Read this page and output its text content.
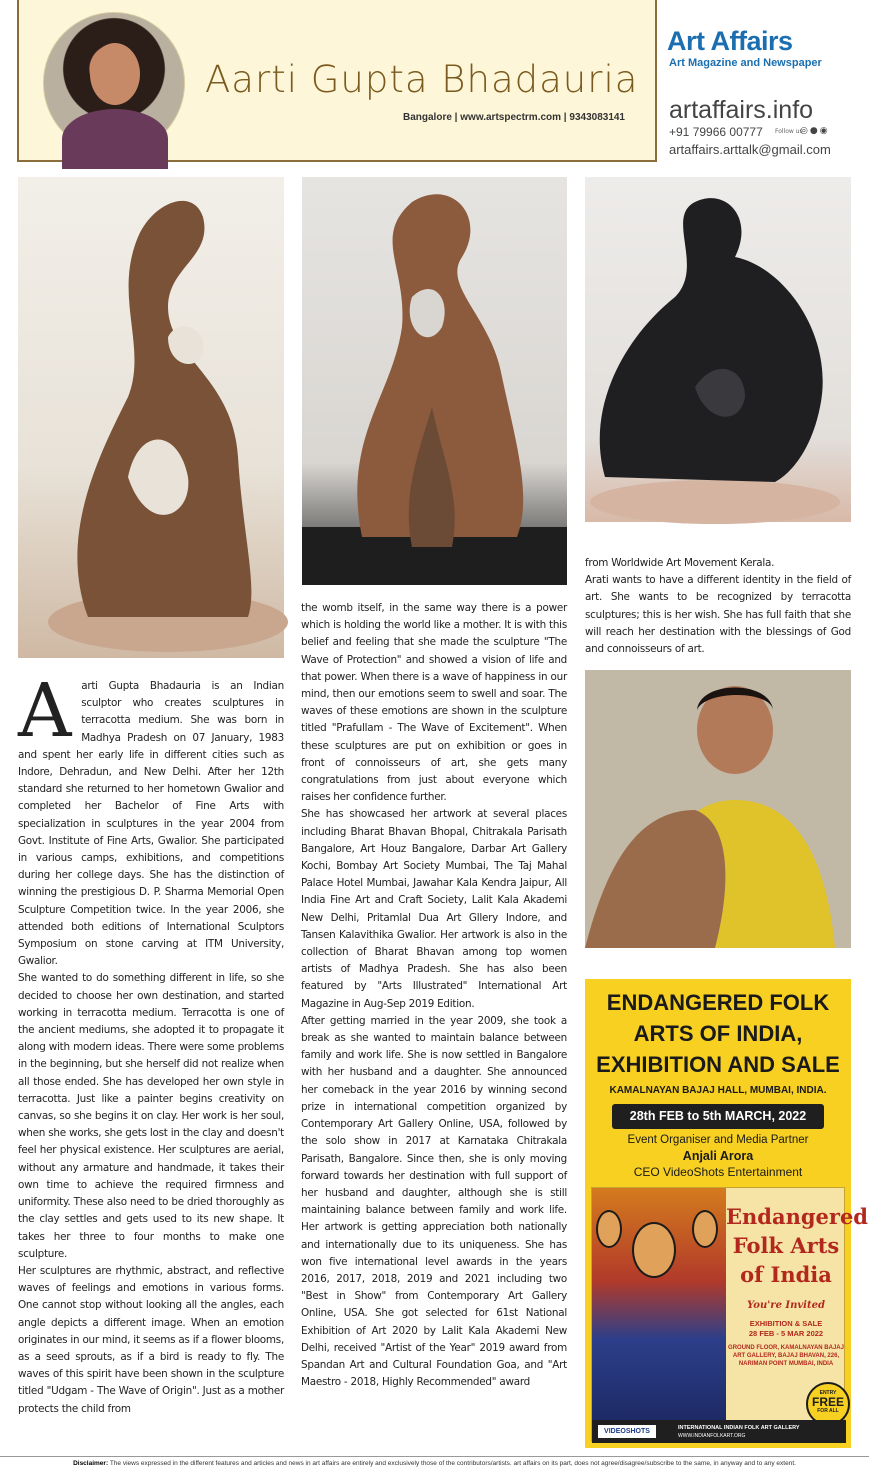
Aarti Gupta Bhadauria
Bangalore | www.artspectrm.com | 9343083141
Art Affairs
Art Magazine and Newspaper
artaffairs.info
+91 79966 00777 Follow us
◎●◉
artaffairs.arttalk@gmail.com

Aarti Gupta Bhadauria is an Indian sculptor who creates sculptures in terracotta medium. She was born in Madhya Pradesh on 07 January, 1983 and spent her early life in different cities such as Indore, Dehradun, and New Delhi. After her 12th standard she returned to her hometown Gwalior and completed her Bachelor of Fine Arts with specialization in sculptures in the year 2004 from Govt. Institute of Fine Arts, Gwalior. She participated in various camps, exhibitions, and competitions during her college days. She has the distinction of winning the prestigious D. P. Sharma Memorial Open Sculpture Competition twice. In the year 2006, she attended both editions of International Sculptors Symposium on stone carving at ITM University, Gwalior.

She wanted to do something different in life, so she decided to choose her own destination, and started working in terracotta medium. Terracotta is one of the ancient mediums, she adopted it to propagate it along with modern ideas. There were some problems in the beginning, but she herself did not realize when all those ended. She has developed her own style in terracotta. Just like a painter begins creativity on canvas, so she begins it on clay. Her work is her soul, when she works, she gets lost in the clay and doesn't feel her physical existence. Her sculptures are aerial, without any armature and handmade, it takes their own time to achieve the required firmness and uniformity. These also need to be dried thoroughly as the clay settles and gets used to its new shape. It takes her three to four months to make one sculpture.

Her sculptures are rhythmic, abstract, and reflective waves of feelings and emotions in various forms. One cannot stop without looking all the angles, each angle depicts a different image. When an emotion originates in our mind, it seems as if a flower blooms, as a seed sprouts, as if a bird is ready to fly. The waves of this spirit have been shown in the sculpture titled "Udgam - The Wave of Origin". Just as a mother protects the child from

the womb itself, in the same way there is a power which is holding the world like a mother. It is with this belief and feeling that she made the sculpture "The Wave of Protection" and showed a vision of life and that power. When there is a wave of happiness in our mind, then our emotions seem to swell and soar. The waves of these emotions are shown in the sculpture titled "Prafullam - The Wave of Excitement". When these sculptures are put on exhibition or goes in front of connoisseurs of art, she gets many congratulations from just about everyone which raises her confidence further.

She has showcased her artwork at several places including Bharat Bhavan Bhopal, Chitrakala Parisath Bangalore, Art Houz Bangalore, Darbar Art Gallery Kochi, Bombay Art Society Mumbai, The Taj Mahal Palace Hotel Mumbai, Jawahar Kala Kendra Jaipur, All India Fine Art and Craft Society, Lalit Kala Akademi New Delhi, Pritamlal Dua Art Gllery Indore, and Tansen Kalavithika Gwalior. Her artwork is also in the collection of Bharat Bhavan among top women artists of Madhya Pradesh. She has also been featured by "Arts Illustrated" International Art Magazine in Aug-Sep 2019 Edition.

After getting married in the year 2009, she took a break as she wanted to maintain balance between family and work life. She is now settled in Bangalore with her husband and a daughter. She announced her comeback in the year 2016 by winning second prize in international competition organized by Contemporary Art Gallery Online, USA, followed by the solo show in 2017 at Karnataka Chitrakala Parisath, Bangalore. Since then, she is only moving forward towards her destination with full support of her husband and daughter, although she is still maintaining balance between family and work life. Her artwork is getting appreciation both nationally and internationally due to its uniqueness. She has won five international level awards in the years 2016, 2017, 2018, 2019 and 2021 including two "Best in Show" from Contemporary Art Gallery Online, USA. She got selected for 61st National Exhibition of Art 2020 by Lalit Kala Akademi New Delhi, received "Artist of the Year" 2019 award from Spandan Art and Cultural Foundation Goa, and "Art Maestro - 2018, Highly Recommended" award

from Worldwide Art Movement Kerala.

Arati wants to have a different identity in the field of art. She wants to be recognized by terracotta sculptures; this is her wish. She has full faith that she will reach her destination with the blessings of God and connoisseurs of art.

ENDANGERED FOLK ARTS OF INDIA, EXHIBITION AND SALE
KAMALNAYAN BAJAJ HALL, MUMBAI, INDIA.
28th FEB to 5th MARCH, 2022
Event Organiser and Media Partner
Anjali Arora
CEO VideoShots Entertainment
Endangered Folk Arts of India
You're Invited
EXHIBITION & SALE
28 FEB - 5 MAR 2022
GROUND FLOOR, KAMALNAYAN BAJAJ ART GALLERY, BAJAJ BHAVAN, 226, NARIMAN POINT MUMBAI, INDIA
ENTRY
FREE
FOR ALL
VIDEOSHOTS	INTERNATIONAL INDIAN FOLK ART GALLERY
WWW.INDIANFOLKART.ORG
Disclaimer: The views expressed in the different features and articles and news in art affairs are entirely and exclusively those of the contributors/artists. art affairs on its part, does not agree/disagree/subscribe to the same, in anyway and to any extent.
